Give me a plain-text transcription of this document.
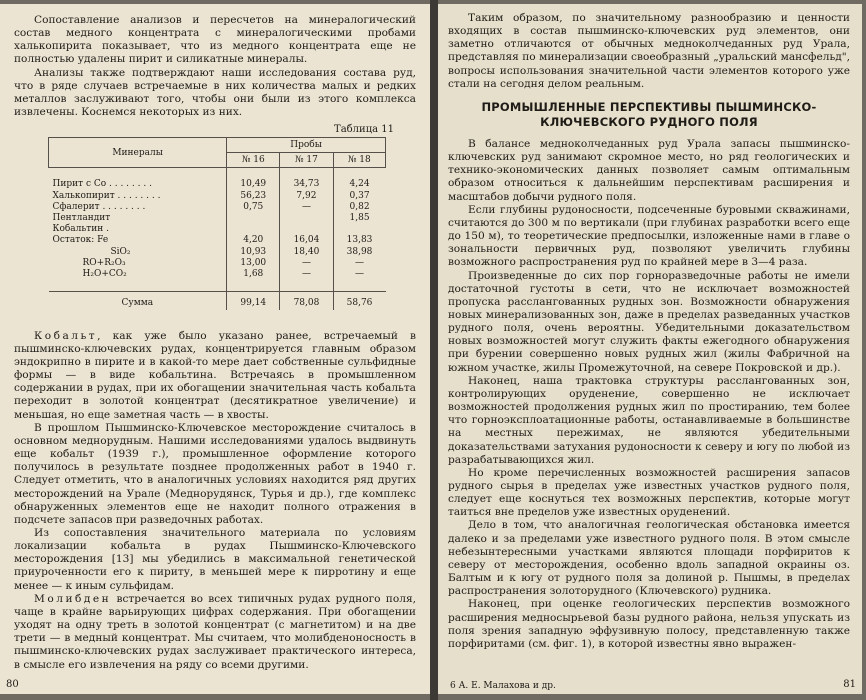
Сопоставление анализов и пересчетов на минералогический состав медного концентрата с минералогическими пробами халькопирита показывает, что из медного концентрата еще не полностью удалены пирит и силикатные минералы.

Анализы также подтверждают наши исследования состава руд, что в ряде случаев встречаемые в них количества малых и редких металлов заслуживают того, чтобы они были из этого комплекса извлечены. Коснемся некоторых из них.

Таблица 11
Минералы	Пробы		
	№ 16	№ 17	№ 18

Пирит с Со . . . . . . . .	10,49	34,73	4,24
Халькопирит . . . . . . . .	56,23	7,92	0,37
Сфалерит . . . . . . . .	0,75	—	0,82
Пентландит			1,85
Кобальтин .			
Остаток: Fe	4,20	16,04	13,83
SiO₂	10,93	18,40	38,98
RO+R₂O₃	13,00	—	—
H₂O+CO₂	1,68	—	—

Сумма	99,14	78,08	58,76

Кобальт, как уже было указано ранее, встречаемый в пышминско-ключевских рудах, концентрируется главным образом эндокрипно в пирите и в какой-то мере дает собственные сульфидные формы — в виде кобальтина. Встречаясь в промышленном содержании в рудах, при их обогащении значительная часть кобальта переходит в золотой концентрат (десятикратное увеличение) и меньшая, но еще заметная часть — в хвосты.

В прошлом Пышминско-Ключевское месторождение считалось в основном меднорудным. Нашими исследованиями удалось выдвинуть еще кобальт (1939 г.), промышленное оформление которого получилось в результате позднее продолженных работ в 1940 г. Следует отметить, что в аналогичных условиях находится ряд других месторождений на Урале (Меднорудянск, Турья и др.), где комплекс обнаруженных элементов еще не находит полного отражения в подсчете запасов при разведочных работах.

Из сопоставления значительного материала по условиям локализации кобальта в рудах Пышминско-Ключевского месторождения [13] мы убедились в максимальной генетической приуроченности его к пириту, в меньшей мере к пирротину и еще менее — к иным сульфидам.

Молибден встречается во всех типичных рудах рудного поля, чаще в крайне варьирующих цифрах содержания. При обогащении уходят на одну треть в золотой концентрат (с магнетитом) и на две трети — в медный концентрат. Мы считаем, что молибденоносность в пышминско-ключевских рудах заслуживает практического интереса, в смысле его извлечения на ряду со всеми другими.

80

Таким образом, по значительному разнообразию и ценности входящих в состав пышминско-ключевских руд элементов, они заметно отличаются от обычных медноколчеданных руд Урала, представляя по минерализации своеобразный „уральский мансфельд", вопросы использования значительной части элементов которого уже стали на сегодня делом реальным.

ПРОМЫШЛЕННЫЕ ПЕРСПЕКТИВЫ ПЫШМИНСКО-КЛЮЧЕВСКОГО РУДНОГО ПОЛЯ

В балансе медноколчеданных руд Урала запасы пышминско-ключевских руд занимают скромное место, но ряд геологических и технико-экономических данных позволяет самым оптимальным образом относиться к дальнейшим перспективам расширения и масштабов добычи рудного поля.

Если глубины рудоносности, подсеченные буровыми скважинами, считаются до 300 м по вертикали (при глубинах разработки всего еще до 150 м), то теоретические предпосылки, изложенные нами в главе о зональности первичных руд, позволяют увеличить глубины возможного распространения руд по крайней мере в 3—4 раза.

Произведенные до сих пор горноразведочные работы не имели достаточной густоты в сети, что не исключает возможностей пропуска расслангованных рудных зон. Возможности обнаружения новых минерализованных зон, даже в пределах разведанных участков рудного поля, очень вероятны. Убедительными доказательством новых возможностей могут служить факты ежегодного обнаружения при бурении совершенно новых рудных жил (жилы Фабричной на южном участке, жилы Промежуточной, на севере Покровской и др.).

Наконец, наша трактовка структуры расслангованных зон, контролирующих оруденение, совершенно не исключает возможностей продолжения рудных жил по простиранию, тем более что горноэксплоатационные работы, останавливаемые в большинстве на местных пережимах, не являются убедительными доказательствами затухания рудоносности к северу и югу по любой из разрабатывающихся жил.

Но кроме перечисленных возможностей расширения запасов рудного сырья в пределах уже известных участков рудного поля, следует еще коснуться тех возможных перспектив, которые могут таиться вне пределов уже известных оруденений.

Дело в том, что аналогичная геологическая обстановка имеется далеко и за пределами уже известного рудного поля. В этом смысле небезынтересными участками являются площади порфиритов к северу от месторождения, особенно вдоль западной окраины оз. Балтым и к югу от рудного поля за долиной р. Пышмы, в пределах распространения золоторудного (Ключевского) рудника.

Наконец, при оценке геологических перспектив возможного расширения медносырьевой базы рудного района, нельзя упускать из поля зрения западную эффузивную полосу, представленную также порфиритами (см. фиг. 1), в которой известны явно выражен-

6 А. Е. Малахова и др.	81
